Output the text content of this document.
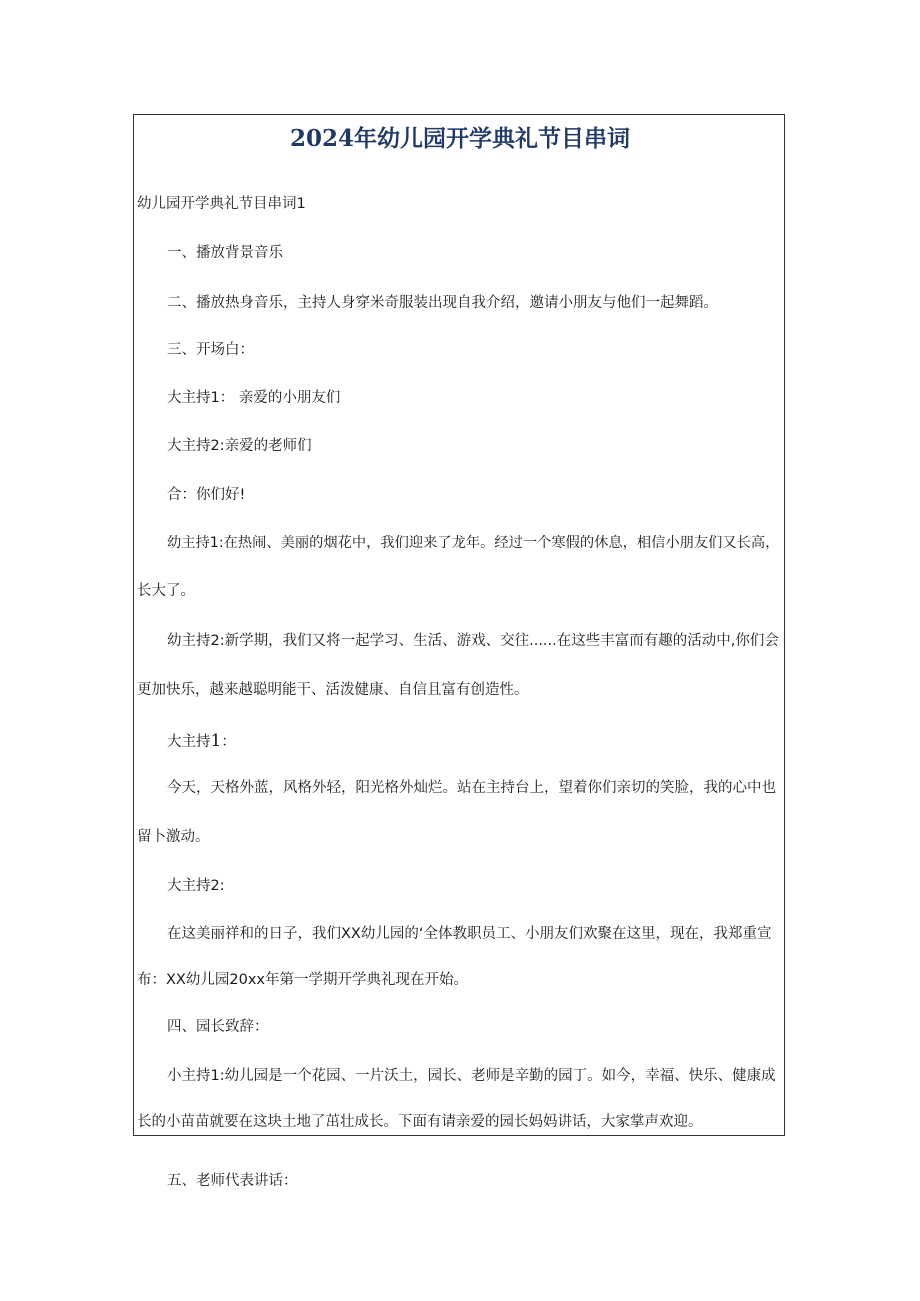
2024年幼儿园开学典礼节目串词

幼儿园开学典礼节目串词1

一、播放背景音乐

二、播放热身音乐，主持人身穿米奇服装出现自我介绍，邀请小朋友与他们一起舞蹈。

三、开场白：

大主持1： 亲爱的小朋友们

大主持2:亲爱的老师们

合：你们好!

幼主持1:在热闹、美丽的烟花中，我们迎来了龙年。经过一个寒假的休息，相信小朋友们又长高，

长大了。

幼主持2:新学期，我们又将一起学习、生活、游戏、交往......在这些丰富而有趣的活动中,你们会

更加快乐，越来越聪明能干、活泼健康、自信且富有创造性。

大主持1：

今天，天格外蓝，风格外轻，阳光格外灿烂。站在主持台上，望着你们亲切的笑脸，我的心中也

留卜激动。

大主持2:

在这美丽祥和的日子，我们XX幼儿园的‘全体教职员工、小朋友们欢聚在这里，现在，我郑重宣

布：XX幼儿园20xx年第一学期开学典礼现在开始。

四、园长致辞：

小主持1:幼儿园是一个花园、一片沃土，园长、老师是辛勤的园丁。如今，幸福、快乐、健康成

长的小苗苗就要在这块土地了茁壮成长。下面有请亲爱的园长妈妈讲话，大家掌声欢迎。

五、老师代表讲话：
